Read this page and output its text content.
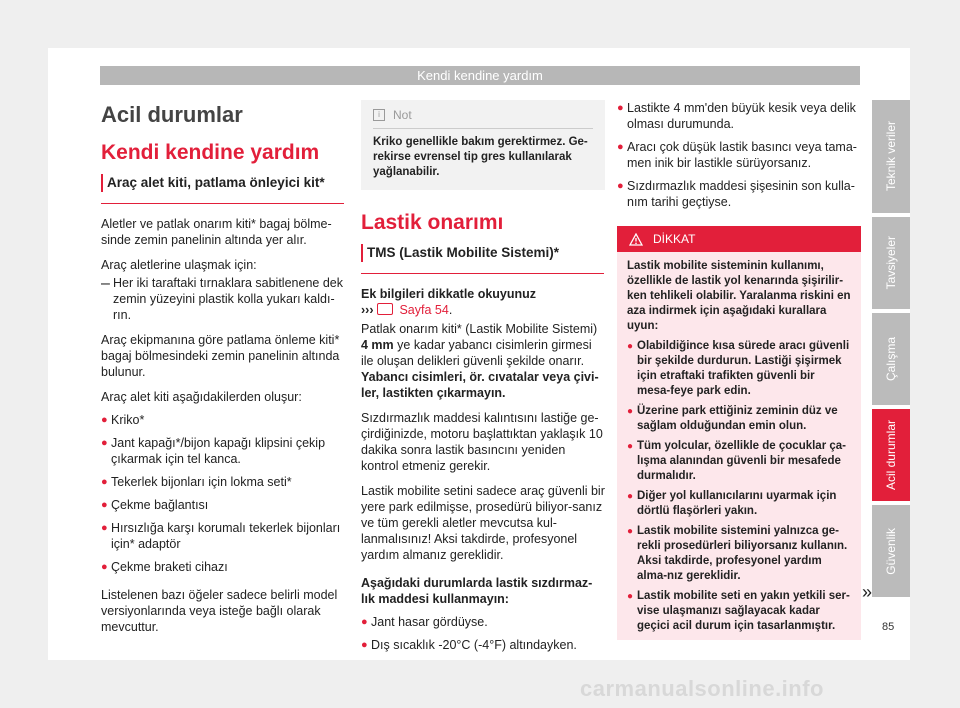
Kendi kendine yardım
Acil durumlar
Kendi kendine yardım
Araç alet kiti, patlama önleyici kit*

Aletler ve patlak onarım kiti* bagaj bölme-sinde zemin panelinin altında yer alır.

Araç aletlerine ulaşmak için:

– Her iki taraftaki tırnaklara sabitlenene dek zemin yüzeyini plastik kolla yukarı kaldı-rın.

Araç ekipmanına göre patlama önleme kiti* bagaj bölmesindeki zemin panelinin altında bulunur.

Araç alet kiti aşağıdakilerden oluşur:

● Kriko*

● Jant kapağı*/bijon kapağı klipsini çekip çıkarmak için tel kanca.

● Tekerlek bijonları için lokma seti*

● Çekme bağlantısı

● Hırsızlığa karşı korumalı tekerlek bijonları için* adaptör

● Çekme braketi cihazı

Listelenen bazı öğeler sadece belirli model versiyonlarında veya isteğe bağlı olarak mevcuttur.

i	Not

Kriko genellikle bakım gerektirmez. Ge-rekirse evrensel tip gres kullanılarak yağlanabilir.

Lastik onarımı
TMS (Lastik Mobilite Sistemi)*

Ek bilgileri dikkatle okuyunuz

››› Sayfa 54.

Patlak onarım kiti* (Lastik Mobilite Sistemi) 4 mm ye kadar yabancı cisimlerin girmesi ile oluşan delikleri güvenli şekilde onarır. Yabancı cisimleri, ör. cıvatalar veya çivi-ler, lastikten çıkarmayın.

Sızdırmazlık maddesi kalıntısını lastiğe ge-çirdiğinizde, motoru başlattıktan yaklaşık 10 dakika sonra lastik basıncını yeniden kontrol etmeniz gerekir.

Lastik mobilite setini sadece araç güvenli bir yere park edilmişse, prosedürü biliyor-sanız ve tüm gerekli aletler mevcutsa kul-lanmalısınız! Aksi takdirde, profesyonel yardım almanız gereklidir.

Aşağıdaki durumlarda lastik sızdırmaz-lık maddesi kullanmayın:

● Jant hasar gördüyse.

● Dış sıcaklık -20°C (-4°F) altındayken.

● Lastikte 4 mm'den büyük kesik veya delik olması durumunda.

● Aracı çok düşük lastik basıncı veya tama-men inik bir lastikle sürüyorsanız.

● Sızdırmazlık maddesi şişesinin son kulla-nım tarihi geçtiyse.

DİKKAT

Lastik mobilite sisteminin kullanımı, özellikle de lastik yol kenarında şişirilir-ken tehlikeli olabilir. Yaralanma riskini en aza indirmek için aşağıdaki kurallara uyun:

● Olabildiğince kısa sürede aracı güvenli bir şekilde durdurun. Lastiği şişirmek için etraftaki trafikten güvenli bir mesa-feye park edin.
● Üzerine park ettiğiniz zeminin düz ve sağlam olduğundan emin olun.
● Tüm yolcular, özellikle de çocuklar ça-lışma alanından güvenli bir mesafede durmalıdır.
● Diğer yol kullanıcılarını uyarmak için dörtlü flaşörleri yakın.
● Lastik mobilite sistemini yalnızca ge-rekli prosedürleri biliyorsanız kullanın. Aksi takdirde, profesyonel yardım alma-nız gereklidir.
● Lastik mobilite seti en yakın yetkili ser-vise ulaşmanızı sağlayacak kadar geçici acil durum için tasarlanmıştır.
»
Teknik veriler
Tavsiyeler
Çalışma
Acil durumlar
Güvenlik
85
carmanualsonline.info
